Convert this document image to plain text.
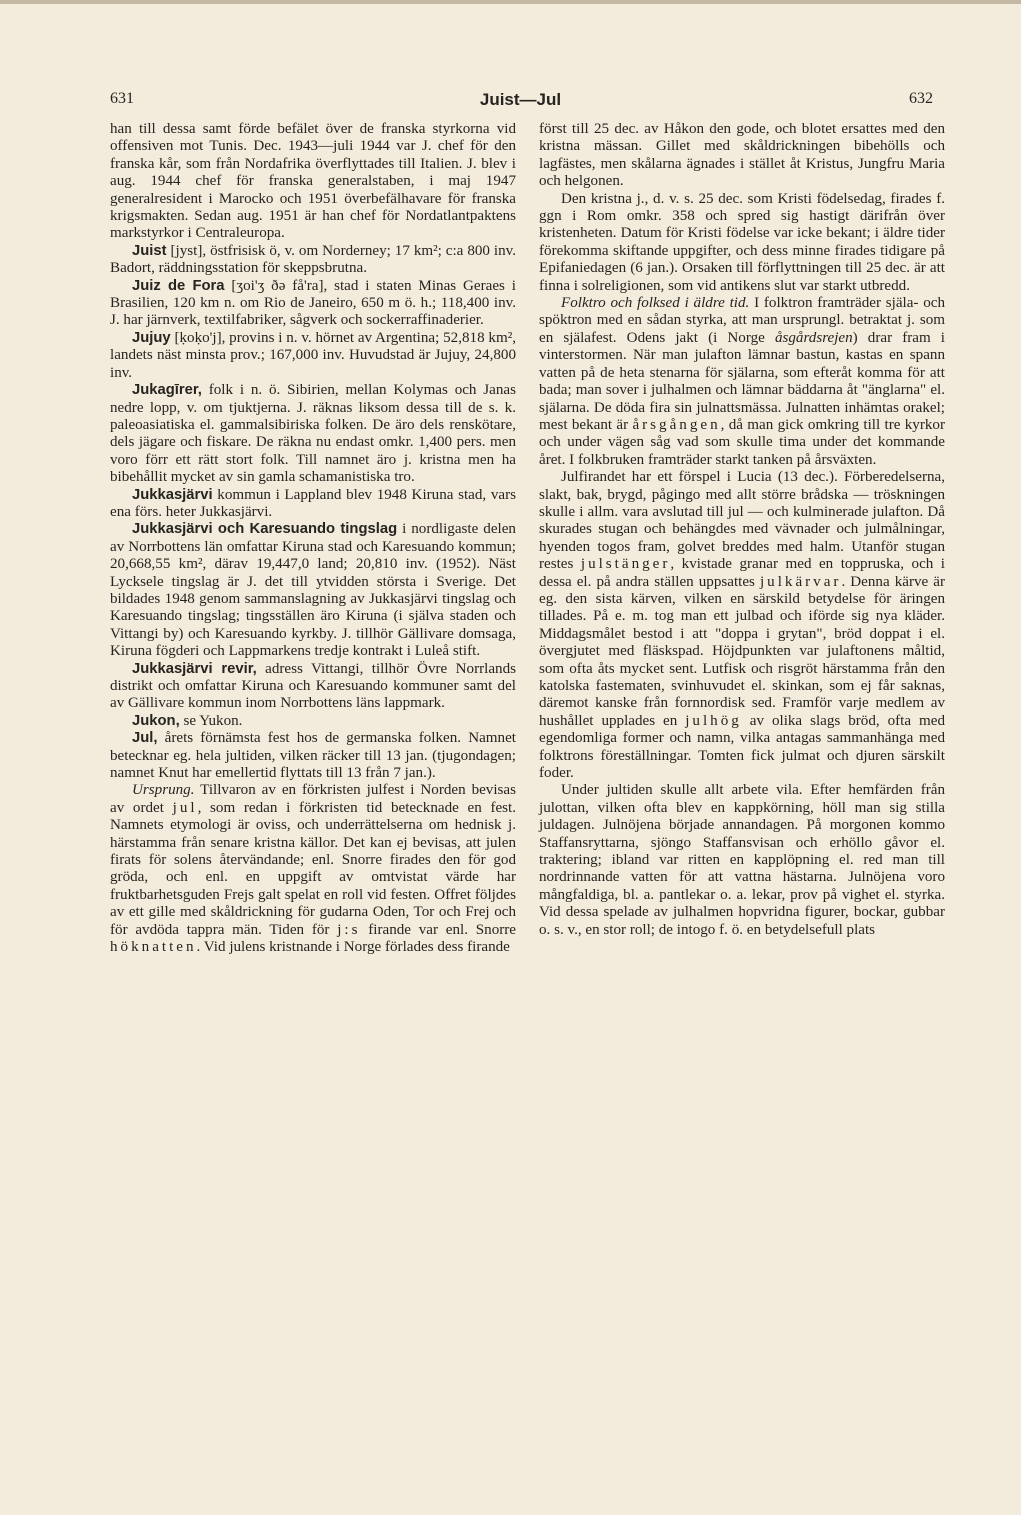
631	Juist—Jul	632

han till dessa samt förde befälet över de franska styrkorna vid offensiven mot Tunis. Dec. 1943—juli 1944 var J. chef för den franska kår, som från Nordafrika överflyttades till Italien. J. blev i aug. 1944 chef för franska generalstaben, i maj 1947 generalresident i Marocko och 1951 överbefälhavare för franska krigsmakten. Sedan aug. 1951 är han chef för Nordatlantpaktens markstyrkor i Centraleuropa.

Juist [jyst], östfrisisk ö, v. om Norderney; 17 km²; c:a 800 inv. Badort, räddningsstation för skeppsbrutna.

Juiz de Fora [ʒoi'ʒ ðə få'ra], stad i staten Minas Geraes i Brasilien, 120 km n. om Rio de Janeiro, 650 m ö. h.; 118,400 inv. J. har järnverk, textilfabriker, sågverk och sockerraffinaderier.

Jujuy [ḳoḳo'j], provins i n. v. hörnet av Argentina; 52,818 km², landets näst minsta prov.; 167,000 inv. Huvudstad är Jujuy, 24,800 inv.

Jukagīrer, folk i n. ö. Sibirien, mellan Kolymas och Janas nedre lopp, v. om tjuktjerna. J. räknas liksom dessa till de s. k. paleoasiatiska el. gammalsibiriska folken. De äro dels renskötare, dels jägare och fiskare. De räkna nu endast omkr. 1,400 pers. men voro förr ett rätt stort folk. Till namnet äro j. kristna men ha bibehållit mycket av sin gamla schamanistiska tro.

Jukkasjärvi kommun i Lappland blev 1948 Kiruna stad, vars ena förs. heter Jukkasjärvi.

Jukkasjärvi och Karesuando tingslag i nordligaste delen av Norrbottens län omfattar Kiruna stad och Karesuando kommun; 20,668,55 km², därav 19,447,0 land; 20,810 inv. (1952). Näst Lycksele tingslag är J. det till ytvidden största i Sverige. Det bildades 1948 genom sammanslagning av Jukkasjärvi tingslag och Karesuando tingslag; tingsställen äro Kiruna (i själva staden och Vittangi by) och Karesuando kyrkby. J. tillhör Gällivare domsaga, Kiruna fögderi och Lappmarkens tredje kontrakt i Luleå stift.

Jukkasjärvi revir, adress Vittangi, tillhör Övre Norrlands distrikt och omfattar Kiruna och Karesuando kommuner samt del av Gällivare kommun inom Norrbottens läns lappmark.

Jukon, se Yukon.

Jul, årets förnämsta fest hos de germanska folken. Namnet betecknar eg. hela jultiden, vilken räcker till 13 jan. (tjugondagen; namnet Knut har emellertid flyttats till 13 från 7 jan.).

Ursprung. Tillvaron av en förkristen julfest i Norden bevisas av ordet jul, som redan i förkristen tid betecknade en fest. Namnets etymologi är oviss, och underrättelserna om hednisk j. härstamma från senare kristna källor. Det kan ej bevisas, att julen firats för solens återvändande; enl. Snorre firades den för god gröda, och enl. en uppgift av omtvistat värde har fruktbarhetsguden Frejs galt spelat en roll vid festen. Offret följdes av ett gille med skåldrickning för gudarna Oden, Tor och Frej och för avdöda tappra män. Tiden för j:s firande var enl. Snorre höknatten. Vid julens kristnande i Norge förlades dess firande

först till 25 dec. av Håkon den gode, och blotet ersattes med den kristna mässan. Gillet med skåldrickningen bibehölls och lagfästes, men skålarna ägnades i stället åt Kristus, Jungfru Maria och helgonen.

Den kristna j., d. v. s. 25 dec. som Kristi födelsedag, firades f. ggn i Rom omkr. 358 och spred sig hastigt därifrån över kristenheten. Datum för Kristi födelse var icke bekant; i äldre tider förekomma skiftande uppgifter, och dess minne firades tidigare på Epifaniedagen (6 jan.). Orsaken till förflyttningen till 25 dec. är att finna i solreligionen, som vid antikens slut var starkt utbredd.

Folktro och folksed i äldre tid. I folktron framträder själa- och spöktron med en sådan styrka, att man ursprungl. betraktat j. som en själafest. Odens jakt (i Norge åsgårdsrejen) drar fram i vinterstormen. När man julafton lämnar bastun, kastas en spann vatten på de heta stenarna för själarna, som efteråt komma för att bada; man sover i julhalmen och lämnar bäddarna åt "änglarna" el. själarna. De döda fira sin julnattsmässa. Julnatten inhämtas orakel; mest bekant är årsgången, då man gick omkring till tre kyrkor och under vägen såg vad som skulle tima under det kommande året. I folkbruken framträder starkt tanken på årsväxten.

Julfirandet har ett förspel i Lucia (13 dec.). Förberedelserna, slakt, bak, brygd, pågingo med allt större brådska — tröskningen skulle i allm. vara avslutad till jul — och kulminerade julafton. Då skurades stugan och behängdes med vävnader och julmålningar, hyenden togos fram, golvet breddes med halm. Utanför stugan restes julstänger, kvistade granar med en toppruska, och i dessa el. på andra ställen uppsattes julkärvar. Denna kärve är eg. den sista kärven, vilken en särskild betydelse för äringen tillades. På e. m. tog man ett julbad och iförde sig nya kläder. Middagsmålet bestod i att "doppa i grytan", bröd doppat i el. övergjutet med fläskspad. Höjdpunkten var julaftonens måltid, som ofta åts mycket sent. Lutfisk och risgröt härstamma från den katolska fastematen, svinhuvudet el. skinkan, som ej får saknas, däremot kanske från fornnordisk sed. Framför varje medlem av hushållet upplades en julhög av olika slags bröd, ofta med egendomliga former och namn, vilka antagas sammanhänga med folktrons föreställningar. Tomten fick julmat och djuren särskilt foder.

Under jultiden skulle allt arbete vila. Efter hemfärden från julottan, vilken ofta blev en kappkörning, höll man sig stilla juldagen. Julnöjena började annandagen. På morgonen kommo Staffansryttarna, sjöngo Staffansvisan och erhöllo gåvor el. traktering; ibland var ritten en kapplöpning el. red man till nordrinnande vatten för att vattna hästarna. Julnöjena voro mångfaldiga, bl. a. pantlekar o. a. lekar, prov på vighet el. styrka. Vid dessa spelade av julhalmen hopvridna figurer, bockar, gubbar o. s. v., en stor roll; de intogo f. ö. en betydelsefull plats
